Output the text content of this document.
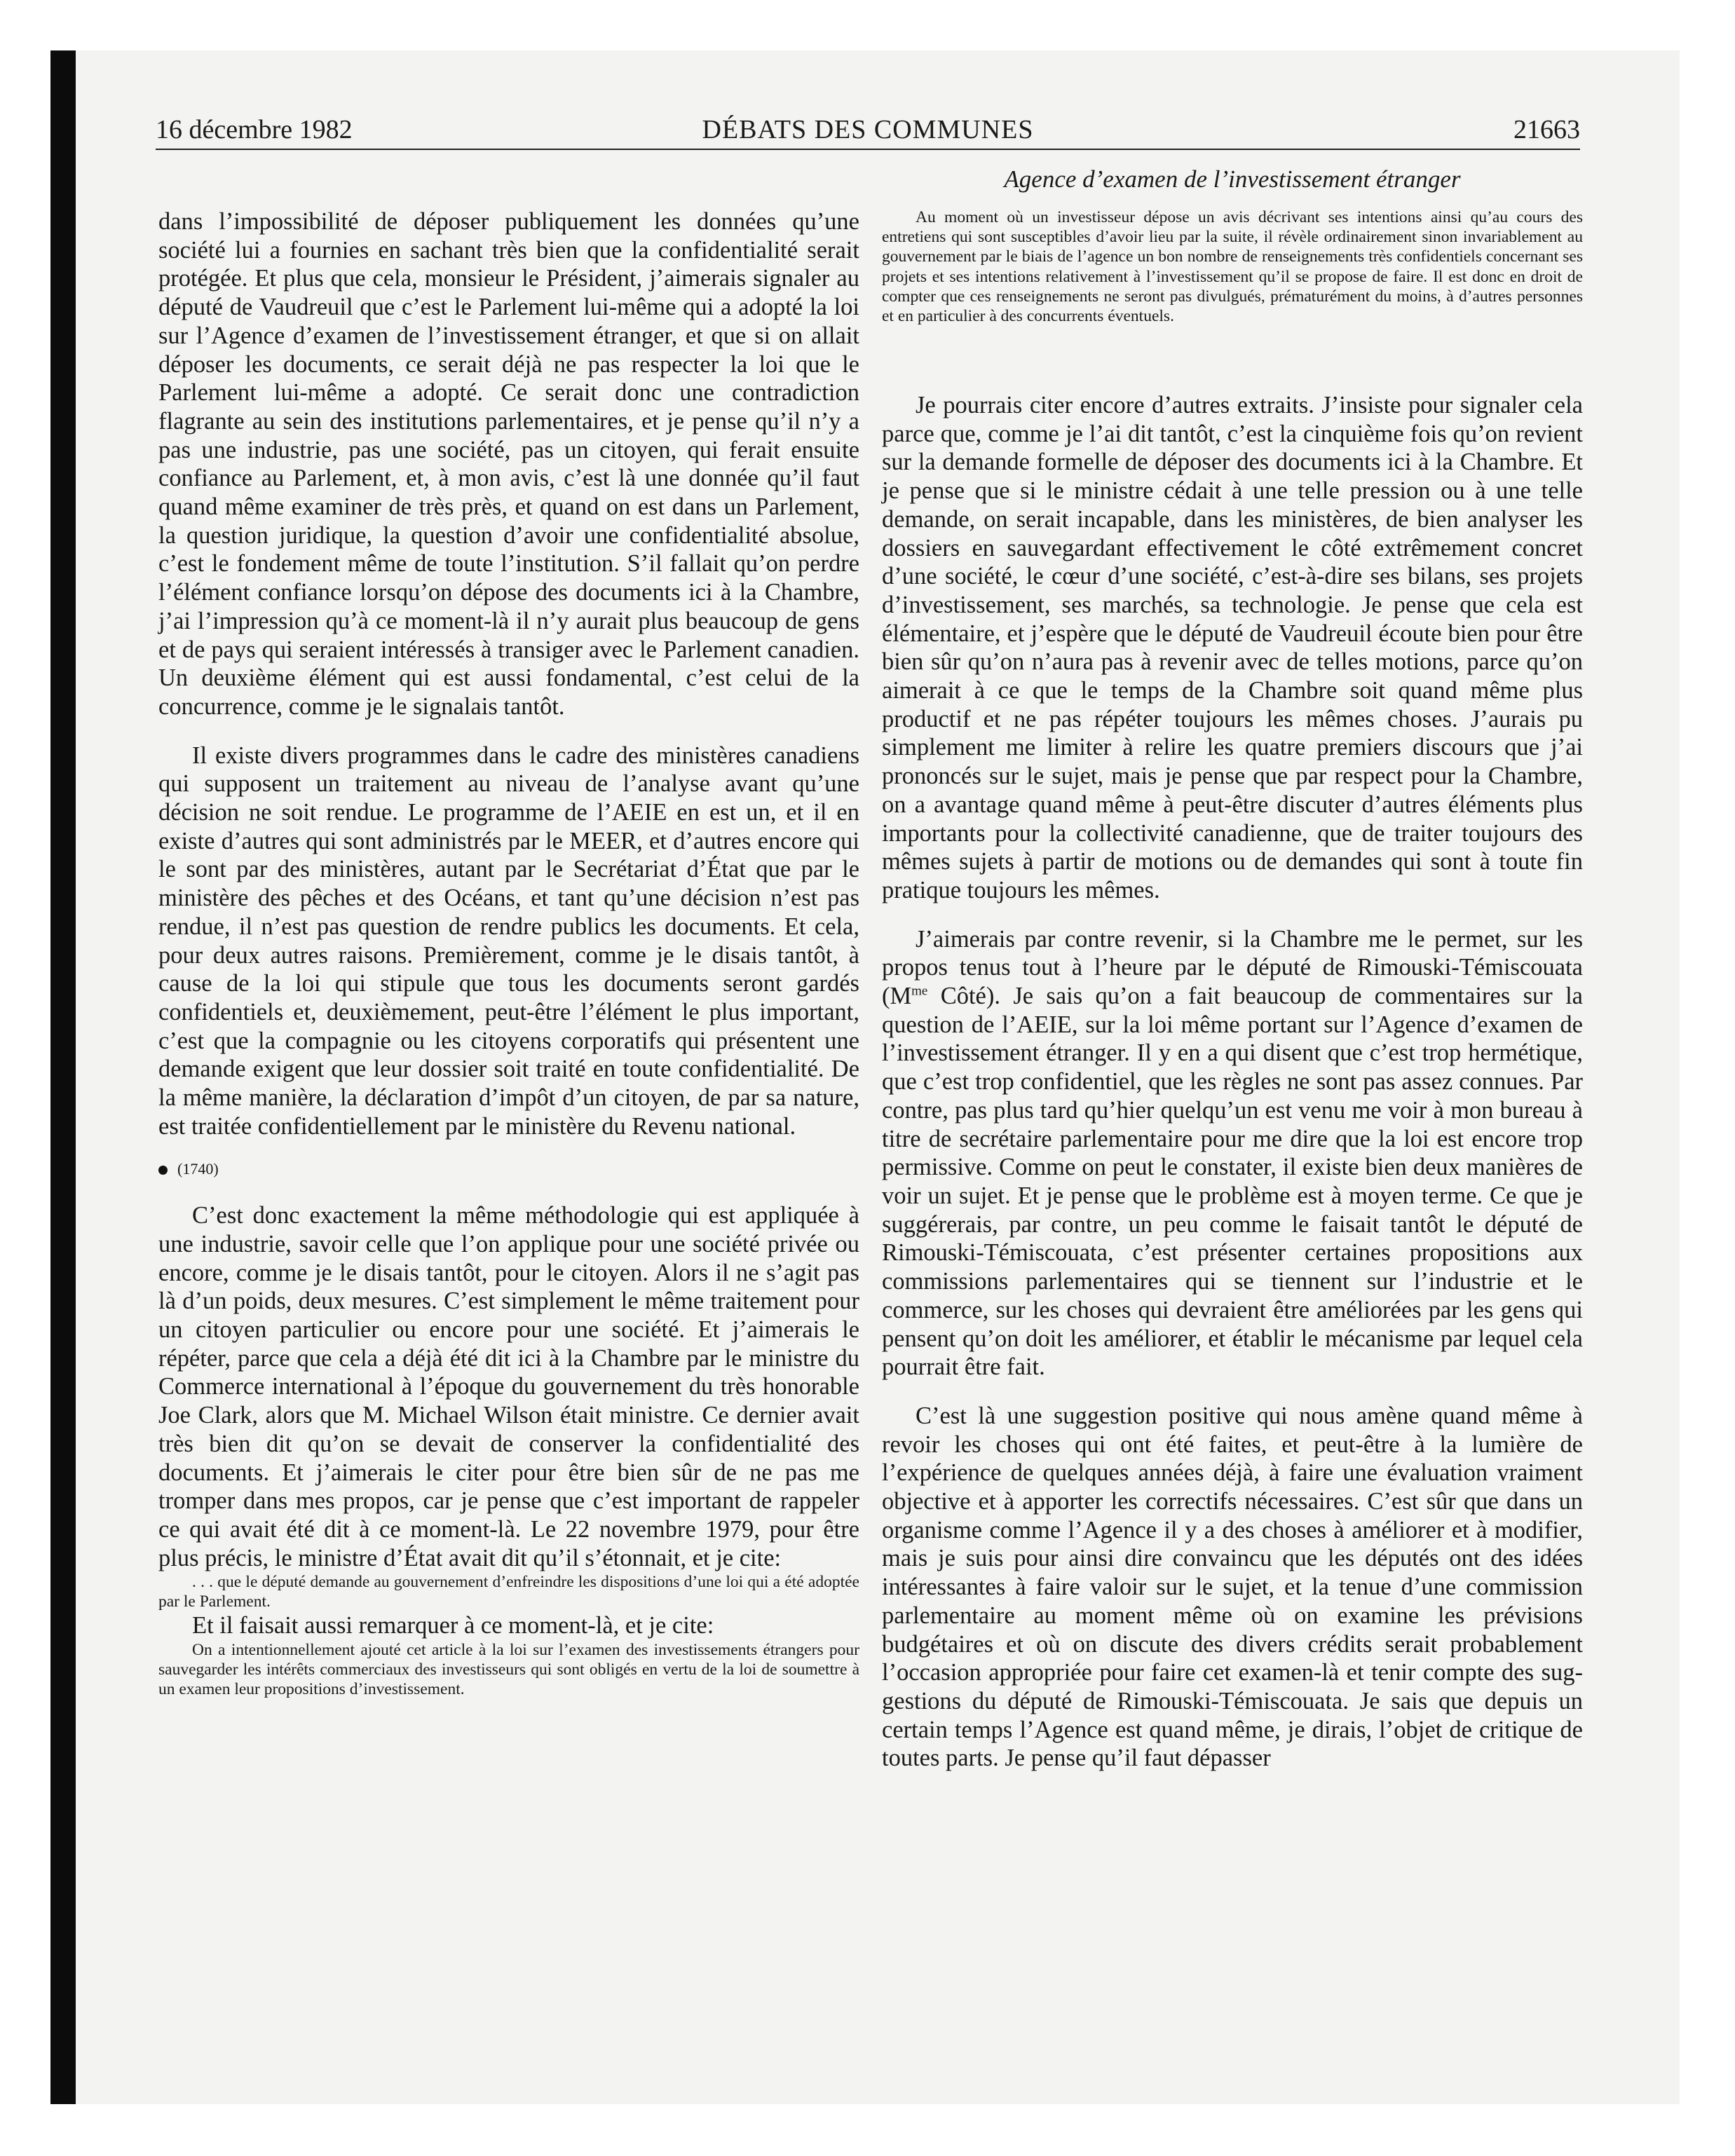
16 décembre 1982	DÉBATS DES COMMUNES	21663
Agence d’examen de l’investissement étranger

dans l’impossibilité de déposer publiquement les données qu’une société lui a fournies en sachant très bien que la confidentialité serait protégée. Et plus que cela, monsieur le Président, j’aimerais signaler au député de Vaudreuil que c’est le Parlement lui-même qui a adopté la loi sur l’Agence d’examen de l’investissement étranger, et que si on allait déposer les documents, ce serait déjà ne pas respecter la loi que le Parlement lui-même a adopté. Ce serait donc une contradiction flagrante au sein des institutions parlementaires, et je pense qu’il n’y a pas une industrie, pas une société, pas un citoyen, qui ferait ensuite confiance au Parlement, et, à mon avis, c’est là une donnée qu’il faut quand même examiner de très près, et quand on est dans un Parlement, la question juridique, la question d’avoir une confidentialité absolue, c’est le fondement même de toute l’institution. S’il fallait qu’on perdre l’élément confiance lorsqu’on dépose des documents ici à la Chambre, j’ai l’impression qu’à ce moment-là il n’y aurait plus beaucoup de gens et de pays qui seraient intéressés à transiger avec le Parlement canadien. Un deuxième élément qui est aussi fondamental, c’est celui de la concurrence, comme je le signalais tantôt.

Il existe divers programmes dans le cadre des ministères canadiens qui supposent un traitement au niveau de l’analyse avant qu’une décision ne soit rendue. Le programme de l’AEIE en est un, et il en existe d’autres qui sont administrés par le MEER, et d’autres encore qui le sont par des ministères, autant par le Secrétariat d’État que par le ministère des pêches et des Océans, et tant qu’une décision n’est pas rendue, il n’est pas question de rendre publics les documents. Et cela, pour deux autres raisons. Premièrement, comme je le disais tantôt, à cause de la loi qui stipule que tous les documents seront gardés confidentiels et, deuxièmement, peut-être l’élément le plus important, c’est que la compagnie ou les citoyens corporatifs qui présentent une demande exigent que leur dossier soit traité en toute confidentialité. De la même manière, la déclaration d’impôt d’un citoyen, de par sa nature, est traitée confidentiellement par le ministère du Revenu national.

(1740)

C’est donc exactement la même méthodologie qui est appliquée à une industrie, savoir celle que l’on applique pour une société privée ou encore, comme je le disais tantôt, pour le citoyen. Alors il ne s’agit pas là d’un poids, deux mesures. C’est simplement le même traitement pour un citoyen particulier ou encore pour une société. Et j’aimerais le répéter, parce que cela a déjà été dit ici à la Chambre par le ministre du Commerce international à l’époque du gouvernement du très honorable Joe Clark, alors que M. Michael Wilson était ministre. Ce dernier avait très bien dit qu’on se devait de conserver la confidentialité des documents. Et j’aimerais le citer pour être bien sûr de ne pas me tromper dans mes propos, car je pense que c’est important de rappeler ce qui avait été dit à ce moment-là. Le 22 novembre 1979, pour être plus précis, le ministre d’État avait dit qu’il s’étonnait, et je cite:

. . . que le député demande au gouvernement d’enfreindre les dispositions d’une loi qui a été adoptée par le Parlement.

Et il faisait aussi remarquer à ce moment-là, et je cite:

On a intentionnellement ajouté cet article à la loi sur l’examen des investissements étrangers pour sauvegarder les intérêts commerciaux des investisseurs qui sont obligés en vertu de la loi de soumettre à un examen leur propositions d’investissement.

Au moment où un investisseur dépose un avis décrivant ses intentions ainsi qu’au cours des entretiens qui sont susceptibles d’avoir lieu par la suite, il révèle ordinairement sinon invariablement au gouvernement par le biais de l’agence un bon nombre de renseignements très confidentiels concernant ses projets et ses intentions relativement à l’investissement qu’il se propose de faire. Il est donc en droit de compter que ces renseignements ne seront pas divulgués, prématurément du moins, à d’autres personnes et en particulier à des concurrents éventuels.

Je pourrais citer encore d’autres extraits. J’insiste pour signaler cela parce que, comme je l’ai dit tantôt, c’est la cinquième fois qu’on revient sur la demande formelle de déposer des documents ici à la Chambre. Et je pense que si le ministre cédait à une telle pression ou à une telle demande, on serait incapable, dans les ministères, de bien analyser les dossiers en sauvegardant effectivement le côté extrêmement concret d’une société, le cœur d’une société, c’est-à-dire ses bilans, ses projets d’investissement, ses marchés, sa technologie. Je pense que cela est élémentaire, et j’espère que le député de Vaudreuil écoute bien pour être bien sûr qu’on n’aura pas à revenir avec de telles motions, parce qu’on aimerait à ce que le temps de la Chambre soit quand même plus productif et ne pas répéter toujours les mêmes choses. J’aurais pu simplement me limiter à relire les quatre premiers discours que j’ai prononcés sur le sujet, mais je pense que par respect pour la Chambre, on a avantage quand même à peut-être discuter d’autres éléments plus importants pour la collectivité canadienne, que de traiter toujours des mêmes sujets à partir de motions ou de demandes qui sont à toute fin pratique toujours les mêmes.

J’aimerais par contre revenir, si la Chambre me le permet, sur les propos tenus tout à l’heure par le député de Rimouski-Témiscouata ($M^{me}$ Côté). Je sais qu’on a fait beaucoup de commentaires sur la question de l’AEIE, sur la loi même portant sur l’Agence d’examen de l’investissement étranger. Il y en a qui disent que c’est trop hermétique, que c’est trop confidentiel, que les règles ne sont pas assez connues. Par contre, pas plus tard qu’hier quelqu’un est venu me voir à mon bureau à titre de secrétaire parlementaire pour me dire que la loi est encore trop permissive. Comme on peut le constater, il existe bien deux manières de voir un sujet. Et je pense que le problème est à moyen terme. Ce que je suggérerais, par contre, un peu comme le faisait tantôt le député de Rimouski-Témiscouata, c’est présenter certaines propositions aux commissions parlementaires qui se tiennent sur l’industrie et le commerce, sur les choses qui devraient être améliorées par les gens qui pensent qu’on doit les améliorer, et établir le mécanisme par lequel cela pourrait être fait.

C’est là une suggestion positive qui nous amène quand même à revoir les choses qui ont été faites, et peut-être à la lumière de l’expérience de quelques années déjà, à faire une évaluation vraiment objective et à apporter les correctifs nécessaires. C’est sûr que dans un organisme comme l’Agence il y a des choses à améliorer et à modifier, mais je suis pour ainsi dire convaincu que les députés ont des idées intéressantes à faire valoir sur le sujet, et la tenue d’une commission parlementaire au moment même où on examine les prévisions budgétaires et où on discute des divers crédits serait probablement l’occasion appropriée pour faire cet examen-là et tenir compte des suggestions du député de Rimouski-Témiscouata. Je sais que depuis un certain temps l’Agence est quand même, je dirais, l’objet de critique de toutes parts. Je pense qu’il faut dépasser
